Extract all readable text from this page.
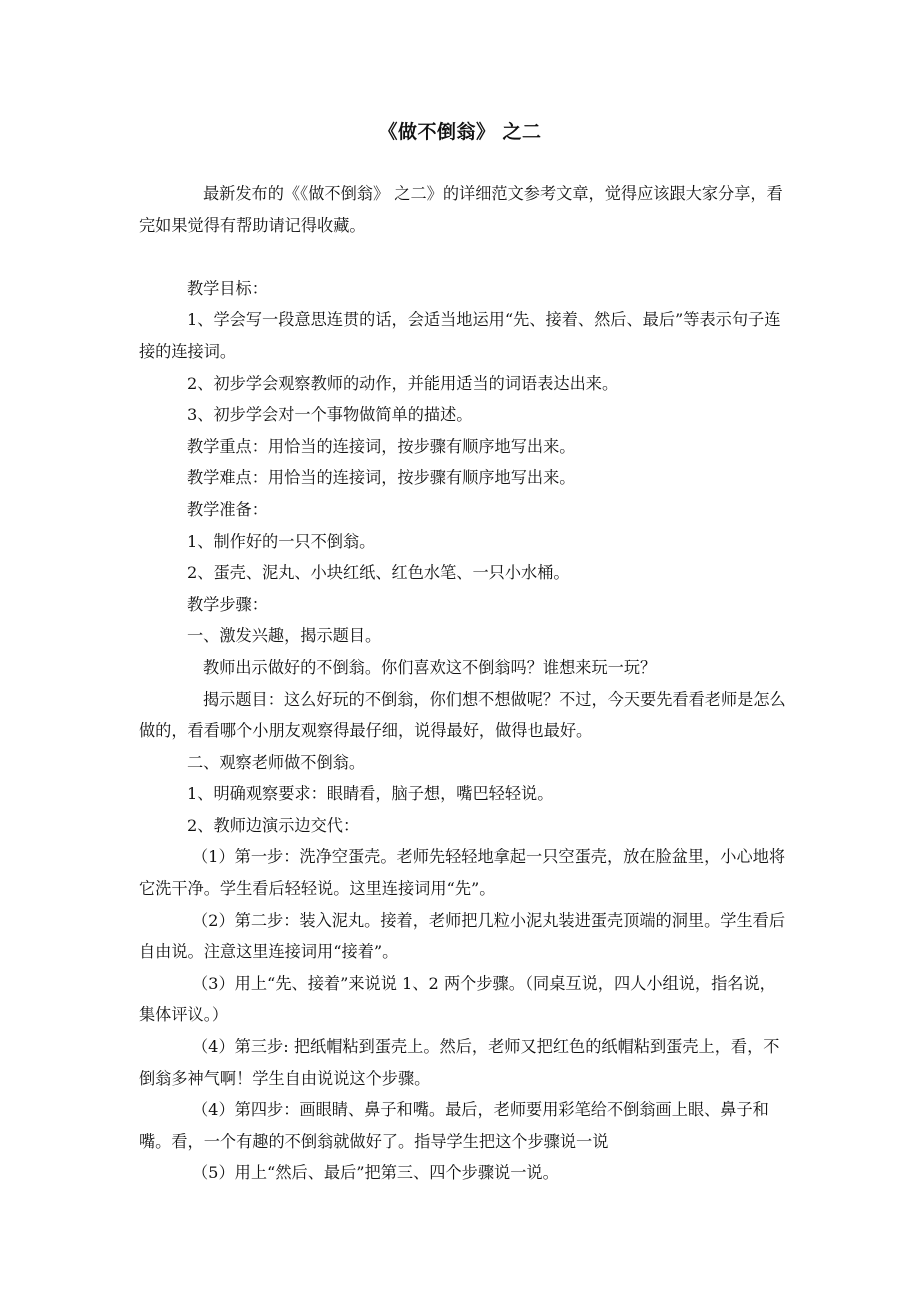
《做不倒翁》 之二

最新发布的《《做不倒翁》 之二》的详细范文参考文章，觉得应该跟大家分享，看完如果觉得有帮助请记得收藏。

教学目标：

1、学会写一段意思连贯的话，会适当地运用“先、接着、然后、最后”等表示句子连接的连接词。

2、初步学会观察教师的动作，并能用适当的词语表达出来。

3、初步学会对一个事物做简单的描述。

教学重点：用恰当的连接词，按步骤有顺序地写出来。

教学难点：用恰当的连接词，按步骤有顺序地写出来。

教学准备：

1、制作好的一只不倒翁。

2、蛋壳、泥丸、小块红纸、红色水笔、一只小水桶。

教学步骤：

一、激发兴趣，揭示题目。

教师出示做好的不倒翁。你们喜欢这不倒翁吗？谁想来玩一玩？

揭示题目：这么好玩的不倒翁，你们想不想做呢？不过，今天要先看看老师是怎么做的，看看哪个小朋友观察得最仔细，说得最好，做得也最好。

二、观察老师做不倒翁。

1、明确观察要求：眼睛看，脑子想，嘴巴轻轻说。

2、教师边演示边交代：

（1）第一步：洗净空蛋壳。老师先轻轻地拿起一只空蛋壳，放在脸盆里，小心地将它洗干净。学生看后轻轻说。这里连接词用“先”。

（2）第二步：装入泥丸。接着，老师把几粒小泥丸装进蛋壳顶端的洞里。学生看后自由说。注意这里连接词用“接着”。

（3）用上“先、接着”来说说 1、2 两个步骤。（同桌互说，四人小组说，指名说，集体评议。）

（4）第三步: 把纸帽粘到蛋壳上。然后，老师又把红色的纸帽粘到蛋壳上，看，不倒翁多神气啊！学生自由说说这个步骤。

（4）第四步：画眼睛、鼻子和嘴。最后，老师要用彩笔给不倒翁画上眼、鼻子和嘴。看，一个有趣的不倒翁就做好了。指导学生把这个步骤说一说

（5）用上“然后、最后”把第三、四个步骤说一说。
